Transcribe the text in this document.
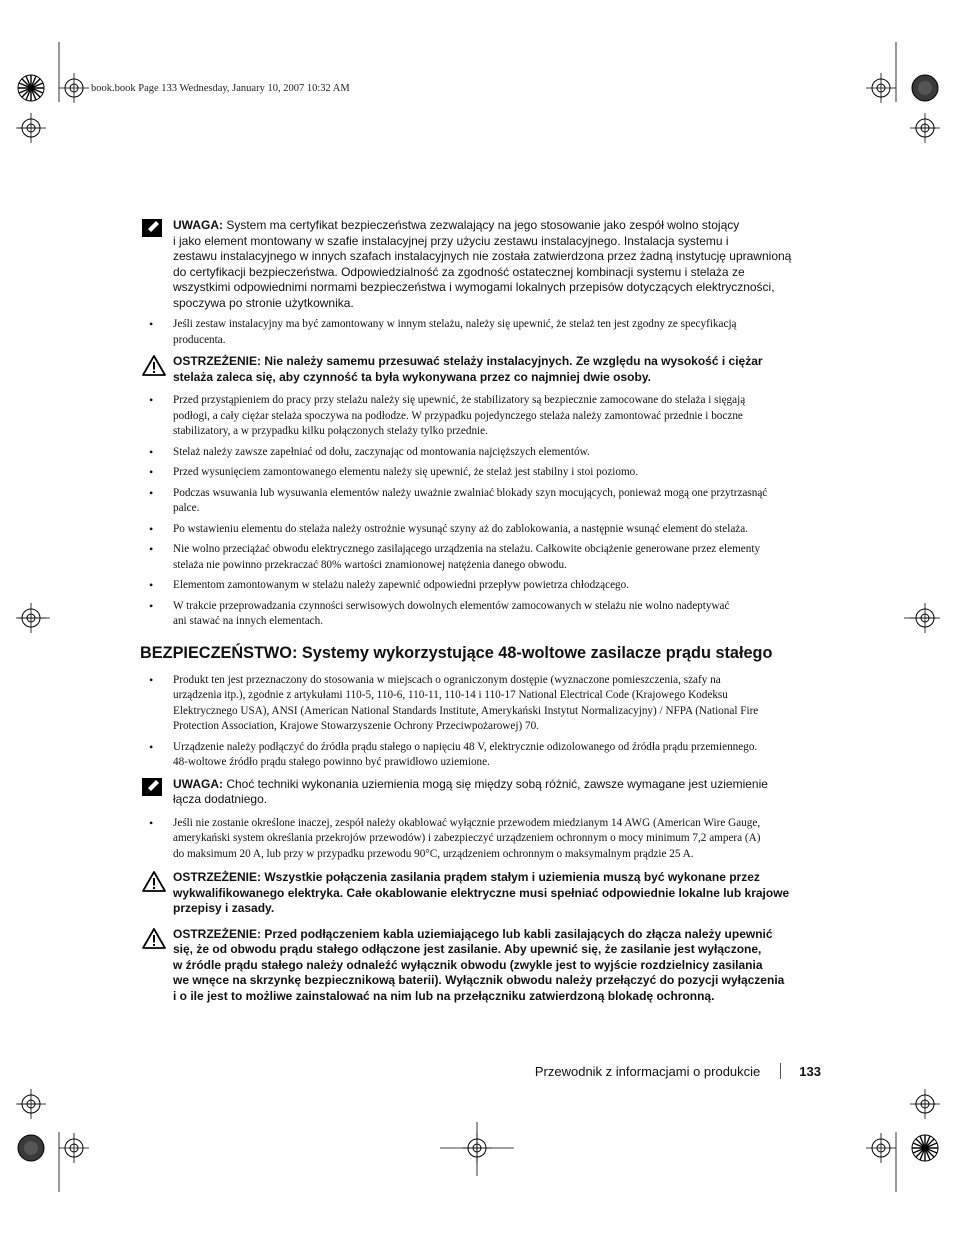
book.book Page 133 Wednesday, January 10, 2007 10:32 AM
UWAGA: System ma certyfikat bezpieczeństwa zezwalający na jego stosowanie jako zespół wolno stojący
i jako element montowany w szafie instalacyjnej przy użyciu zestawu instalacyjnego. Instalacja systemu i
zestawu instalacyjnego w innych szafach instalacyjnych nie została zatwierdzona przez żadną instytucję uprawnioną
do certyfikacji bezpieczeństwa. Odpowiedzialność za zgodność ostatecznej kombinacji systemu i stelaża ze
wszystkimi odpowiednimi normami bezpieczeństwa i wymogami lokalnych przepisów dotyczących elektryczności,
spoczywa po stronie użytkownika.
• Jeśli zestaw instalacyjny ma być zamontowany w innym stelażu, należy się upewnić, że stelaż ten jest zgodny ze specyfikacją
producenta.
OSTRZEŻENIE: Nie należy samemu przesuwać stelaży instalacyjnych. Ze względu na wysokość i ciężar
stelaża zaleca się, aby czynność ta była wykonywana przez co najmniej dwie osoby.
• Przed przystąpieniem do pracy przy stelażu należy się upewnić, że stabilizatory są bezpiecznie zamocowane do stelaża i sięgają
podłogi, a cały ciężar stelaża spoczywa na podłodze. W przypadku pojedynczego stelaża należy zamontować przednie i boczne
stabilizatory, a w przypadku kilku połączonych stelaży tylko przednie.
• Stelaż należy zawsze zapełniać od dołu, zaczynając od montowania najcięższych elementów.
• Przed wysunięciem zamontowanego elementu należy się upewnić, że stelaż jest stabilny i stoi poziomo.
• Podczas wsuwania lub wysuwania elementów należy uważnie zwalniać blokady szyn mocujących, ponieważ mogą one przytrzasnąć
palce.
• Po wstawieniu elementu do stelaża należy ostrożnie wysunąć szyny aż do zablokowania, a następnie wsunąć element do stelaża.
• Nie wolno przeciążać obwodu elektrycznego zasilającego urządzenia na stelażu. Całkowite obciążenie generowane przez elementy
stelaża nie powinno przekraczać 80% wartości znamionowej natężenia danego obwodu.
• Elementom zamontowanym w stelażu należy zapewnić odpowiedni przepływ powietrza chłodzącego.
• W trakcie przeprowadzania czynności serwisowych dowolnych elementów zamocowanych w stelażu nie wolno nadeptywać
ani stawać na innych elementach.
BEZPIECZEŃSTWO: Systemy wykorzystujące 48-woltowe zasilacze prądu stałego
• Produkt ten jest przeznaczony do stosowania w miejscach o ograniczonym dostępie (wyznaczone pomieszczenia, szafy na
urządzenia itp.), zgodnie z artykułami 110-5, 110-6, 110-11, 110-14 i 110-17 National Electrical Code (Krajowego Kodeksu
Elektrycznego USA), ANSI (American National Standards Institute, Amerykański Instytut Normalizacyjny) / NFPA (National Fire
Protection Association, Krajowe Stowarzyszenie Ochrony Przeciwpożarowej) 70.
• Urządzenie należy podłączyć do źródła prądu stałego o napięciu 48 V, elektrycznie odizolowanego od źródła prądu przemiennego.
48-woltowe źródło prądu stałego powinno być prawidłowo uziemione.
UWAGA: Choć techniki wykonania uziemienia mogą się między sobą różnić, zawsze wymagane jest uziemienie
łącza dodatniego.
• Jeśli nie zostanie określone inaczej, zespół należy okablować wyłącznie przewodem miedzianym 14 AWG (American Wire Gauge,
amerykański system określania przekrojów przewodów) i zabezpieczyć urządzeniem ochronnym o mocy minimum 7,2 ampera (A)
do maksimum 20 A, lub przy w przypadku przewodu 90°C, urządzeniem ochronnym o maksymalnym prądzie 25 A.
OSTRZEŻENIE: Wszystkie połączenia zasilania prądem stałym i uziemienia muszą być wykonane przez
wykwalifikowanego elektryka. Całe okablowanie elektryczne musi spełniać odpowiednie lokalne lub krajowe
przepisy i zasady.
OSTRZEŻENIE: Przed podłączeniem kabla uziemiającego lub kabli zasilających do złącza należy upewnić
się, że od obwodu prądu stałego odłączone jest zasilanie. Aby upewnić się, że zasilanie jest wyłączone,
w źródle prądu stałego należy odnaleźć wyłącznik obwodu (zwykle jest to wyjście rozdzielnicy zasilania
we wnęce na skrzynkę bezpiecznikową baterii). Wyłącznik obwodu należy przełączyć do pozycji wyłączenia
i o ile jest to możliwe zainstalować na nim lub na przełączniku zatwierdzoną blokadę ochronną.
Przewodnik z informacjami o produkcie	133
